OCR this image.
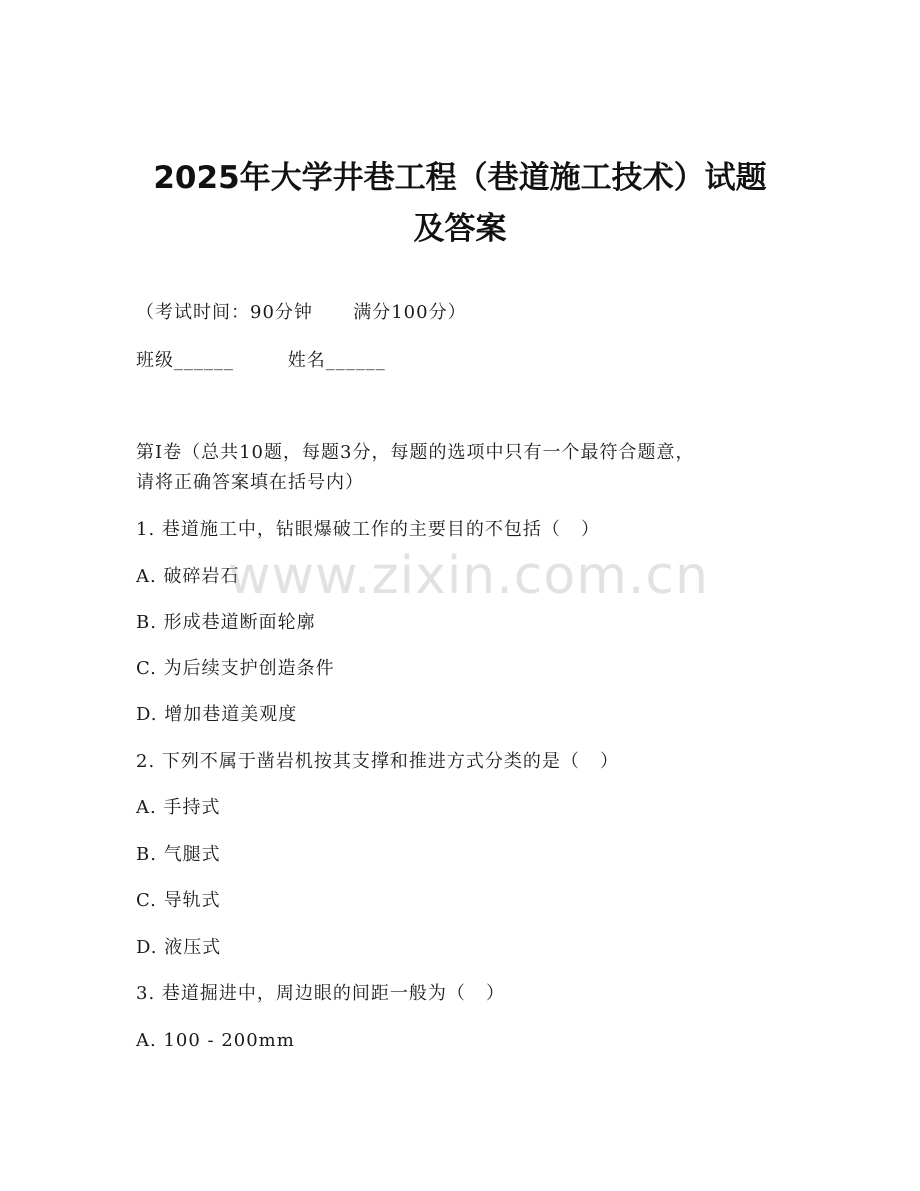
2025年大学井巷工程（巷道施工技术）试题
及答案
（考试时间：90分钟      满分100分）
班级______        姓名______
第Ⅰ卷（总共10题，每题3分，每题的选项中只有一个最符合题意，
请将正确答案填在括号内）
1. 巷道施工中，钻眼爆破工作的主要目的不包括（   ）
A. 破碎岩石
B. 形成巷道断面轮廓
C. 为后续支护创造条件
D. 增加巷道美观度
2. 下列不属于凿岩机按其支撑和推进方式分类的是（   ）
A. 手持式
B. 气腿式
C. 导轨式
D. 液压式
3. 巷道掘进中，周边眼的间距一般为（   ）
A. 100 - 200mm
www.zixin.com.cn
